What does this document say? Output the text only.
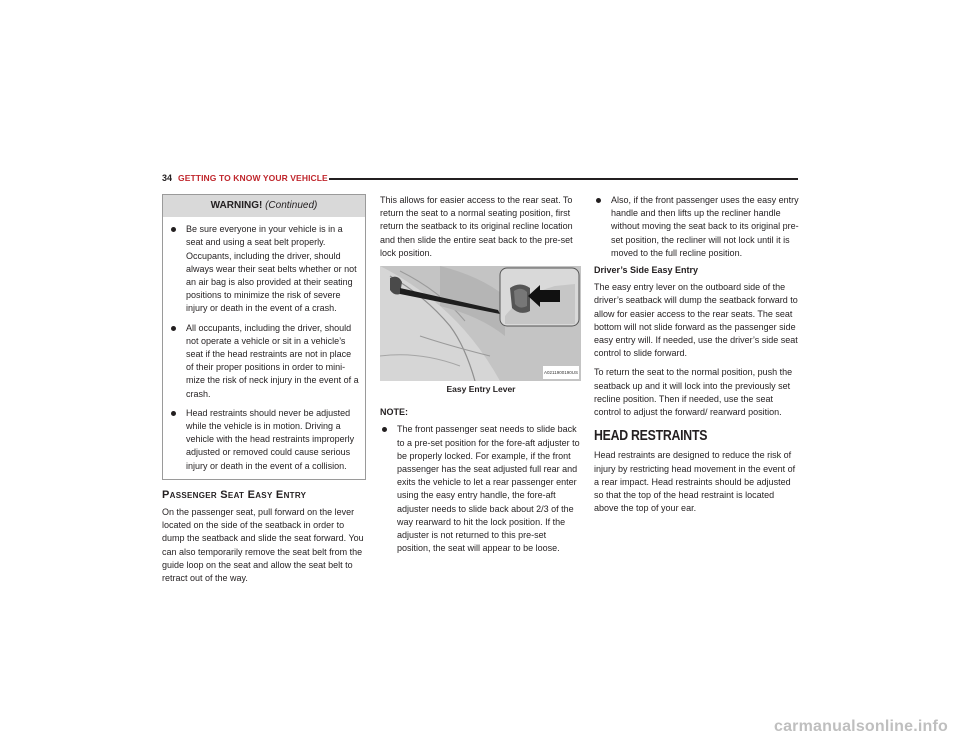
34 GETTING TO KNOW YOUR VEHICLE
WARNING! (Continued)
Be sure everyone in your vehicle is in a seat and using a seat belt properly. Occupants, including the driver, should always wear their seat belts whether or not an air bag is also provided at their seating positions to minimize the risk of severe injury or death in the event of a crash.
All occupants, including the driver, should not operate a vehicle or sit in a vehicle’s seat if the head restraints are not in place of their proper positions in order to mini-mize the risk of neck injury in the event of a crash.
Head restraints should never be adjusted while the vehicle is in motion. Driving a vehicle with the head restraints improperly adjusted or removed could cause serious injury or death in the event of a collision.
Passenger Seat Easy Entry

On the passenger seat, pull forward on the lever located on the side of the seatback in order to dump the seatback and slide the seat forward. You can also temporarily remove the seat belt from the guide loop on the seat and allow the seat belt to retract out of the way.

This allows for easier access to the rear seat. To return the seat to a normal seating position, first return the seatback to its original recline location and then slide the entire seat back to the pre-set lock position.

A0211900190US
Easy Entry Lever
NOTE:
The front passenger seat needs to slide back to a pre-set position for the fore-aft adjuster to be properly locked. For example, if the front passenger has the seat adjusted full rear and exits the vehicle to let a rear passenger enter using the easy entry handle, the fore-aft adjuster needs to slide back about 2/3 of the way rearward to hit the lock position. If the adjuster is not returned to this pre-set position, the seat will appear to be loose.
Also, if the front passenger uses the easy entry handle and then lifts up the recliner handle without moving the seat back to its original pre-set position, the recliner will not lock until it is moved to the full recline position.
Driver’s Side Easy Entry

The easy entry lever on the outboard side of the driver’s seatback will dump the seatback forward to allow for easier access to the rear seats. The seat bottom will not slide forward as the passenger side easy entry will. If needed, use the driver’s side seat control to slide forward.

To return the seat to the normal position, push the seatback up and it will lock into the previously set recline position. Then if needed, use the seat control to adjust the forward/ rearward position.

HEAD RESTRAINTS

Head restraints are designed to reduce the risk of injury by restricting head movement in the event of a rear impact. Head restraints should be adjusted so that the top of the head restraint is located above the top of your ear.

carmanualsonline.info
